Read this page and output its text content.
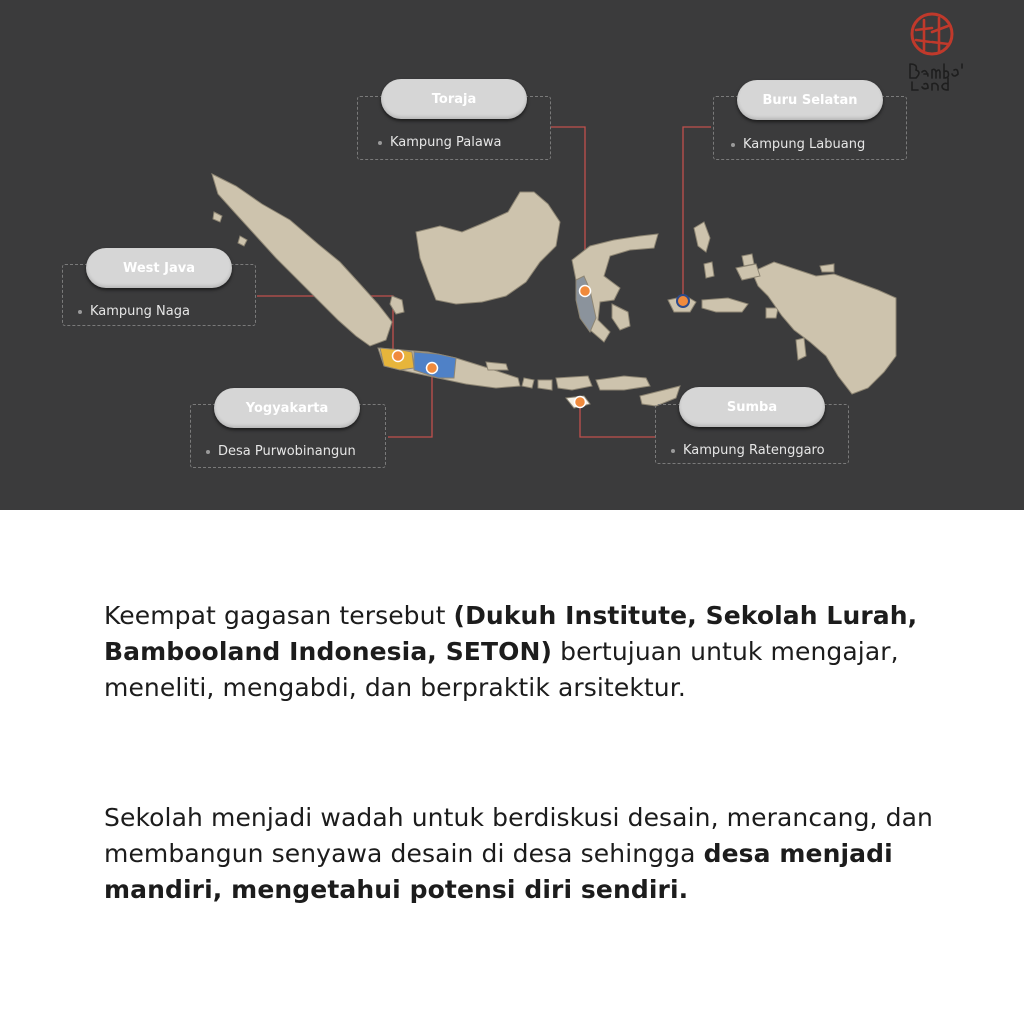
Toraja
Kampung Palawa
Buru Selatan
Kampung Labuang
West Java
Kampung Naga
Yogyakarta
Desa Purwobinangun
Sumba
Kampung Ratenggaro
Keempat gagasan tersebut (Dukuh Institute, Sekolah Lurah, Bambooland Indonesia, SETON) bertujuan untuk mengajar, meneliti, mengabdi, dan berpraktik arsitektur.
Sekolah menjadi wadah untuk berdiskusi desain, merancang, dan membangun senyawa desain di desa sehingga desa menjadi mandiri, mengetahui potensi diri sendiri.
